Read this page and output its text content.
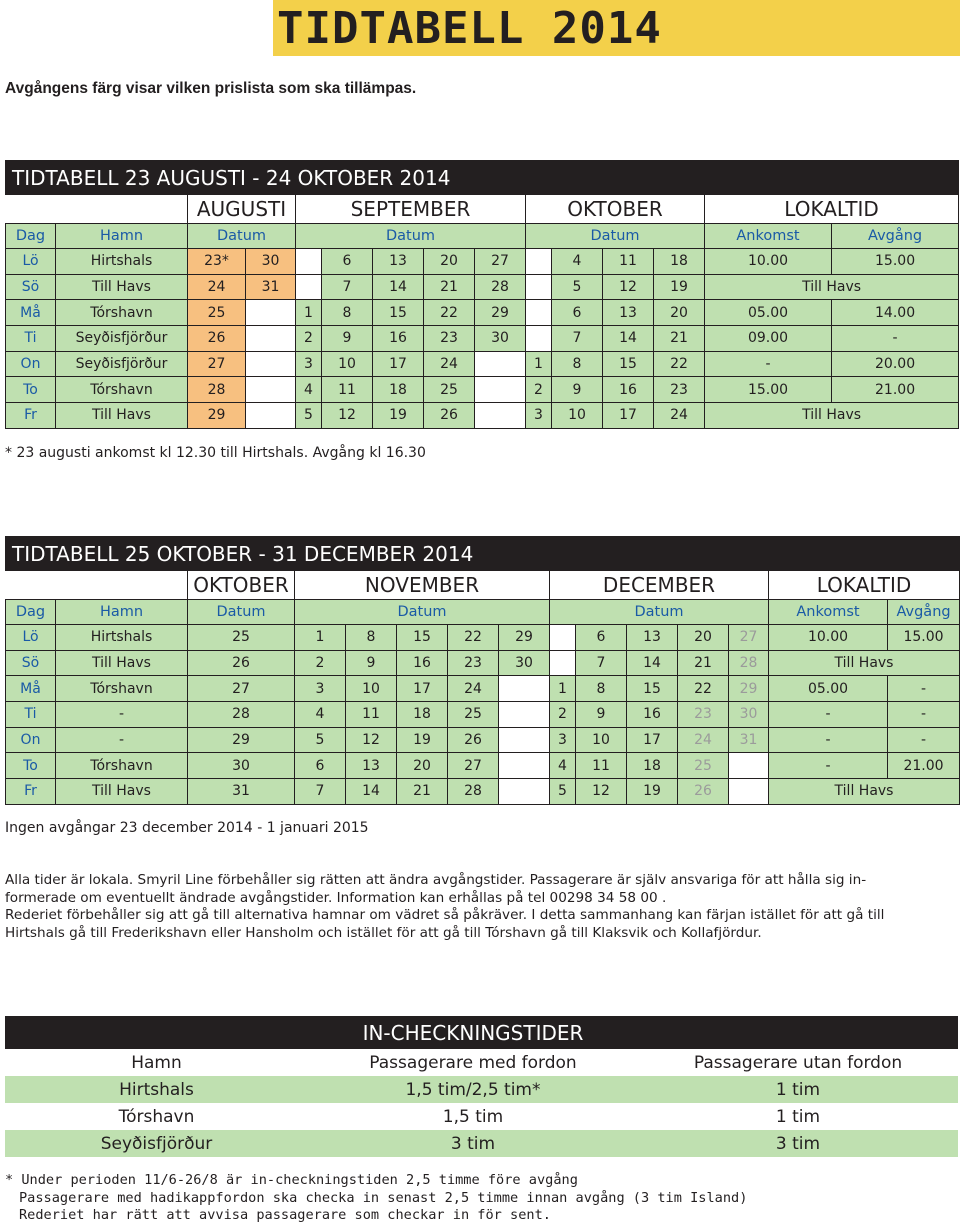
TIDTABELL 2014
Avgångens färg visar vilken prislista som ska tillämpas.
TIDTABELL 23 AUGUSTI - 24 OKTOBER 2014														
		AUGUSTI		SEPTEMBER					OKTOBER				LOKALTID	
Dag	Hamn	Datum		Datum					Datum				Ankomst	Avgång
Lö	Hirtshals	23*	30		6	13	20	27		4	11	18	10.00	15.00
Sö	Till Havs	24	31		7	14	21	28		5	12	19	Till Havs	
Må	Tórshavn	25		1	8	15	22	29		6	13	20	05.00	14.00
Ti	Seyðisfjörður	26		2	9	16	23	30		7	14	21	09.00	-
On	Seyðisfjörður	27		3	10	17	24		1	8	15	22	-	20.00
To	Tórshavn	28		4	11	18	25		2	9	16	23	15.00	21.00
Fr	Till Havs	29		5	12	19	26		3	10	17	24	Till Havs	
* 23 augusti ankomst kl 12.30 till Hirtshals. Avgång kl 16.30
TIDTABELL 25 OKTOBER - 31 DECEMBER 2014														
		OKTOBER	NOVEMBER					DECEMBER					LOKALTID	
Dag	Hamn	Datum	Datum					Datum					Ankomst	Avgång
Lö	Hirtshals	25	1	8	15	22	29		6	13	20	27	10.00	15.00
Sö	Till Havs	26	2	9	16	23	30		7	14	21	28	Till Havs	
Må	Tórshavn	27	3	10	17	24		1	8	15	22	29	05.00	-
Ti	-	28	4	11	18	25		2	9	16	23	30	-	-
On	-	29	5	12	19	26		3	10	17	24	31	-	-
To	Tórshavn	30	6	13	20	27		4	11	18	25		-	21.00
Fr	Till Havs	31	7	14	21	28		5	12	19	26		Till Havs	
Ingen avgångar 23 december 2014 - 1 januari 2015
Alla tider är lokala. Smyril Line förbehåller sig rätten att ändra avgångstider. Passagerare är själv ansvariga för att hålla sig in-
formerade om eventuellt ändrade avgångstider. Information kan erhållas på tel 00298 34 58 00 .
Rederiet förbehåller sig att gå till alternativa hamnar om vädret så påkräver. I detta sammanhang kan färjan istället för att gå till
Hirtshals gå till Frederikshavn eller Hansholm och istället för att gå till Tórshavn gå till Klaksvik och Kollafjördur.
	IN-CHECKNINGSTIDER	
Hamn	Passagerare med fordon	Passagerare utan fordon
Hirtshals	1,5 tim/2,5 tim*	1 tim
Tórshavn	1,5 tim	1 tim
Seyðisfjörður	3 tim	3 tim
* Under perioden 11/6-26/8 är in-checkningstiden 2,5 timme före avgång
Passagerare med hadikappfordon ska checka in senast 2,5 timme innan avgång (3 tim Island)
Rederiet har rätt att avvisa passagerare som checkar in för sent.
